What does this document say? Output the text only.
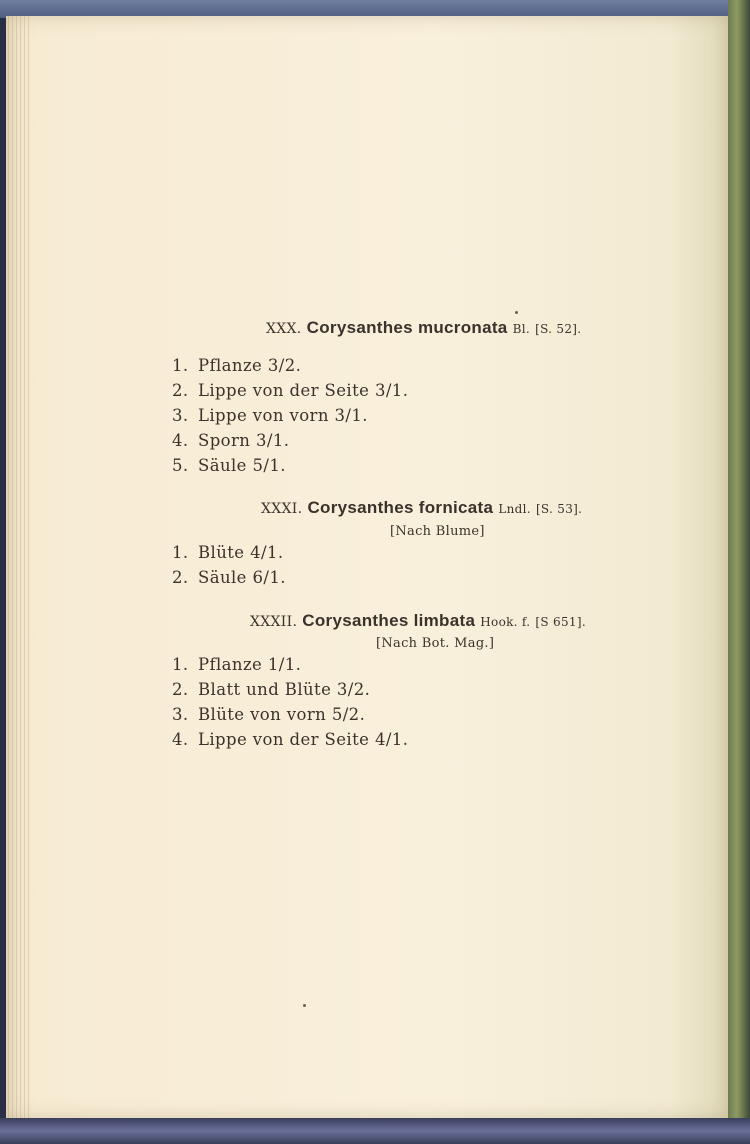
XXX. Corysanthes mucronata Bl. [S. 52].
1. Pflanze 3/2.
2. Lippe von der Seite 3/1.
3. Lippe von vorn 3/1.
4. Sporn 3/1.
5. Säule 5/1.
XXXI. Corysanthes fornicata Lndl. [S. 53].
[Nach Blume]
1. Blüte 4/1.
2. Säule 6/1.
XXXII. Corysanthes limbata Hook. f. [S 651].
[Nach Bot. Mag.]
1. Pflanze 1/1.
2. Blatt und Blüte 3/2.
3. Blüte von vorn 5/2.
4. Lippe von der Seite 4/1.
